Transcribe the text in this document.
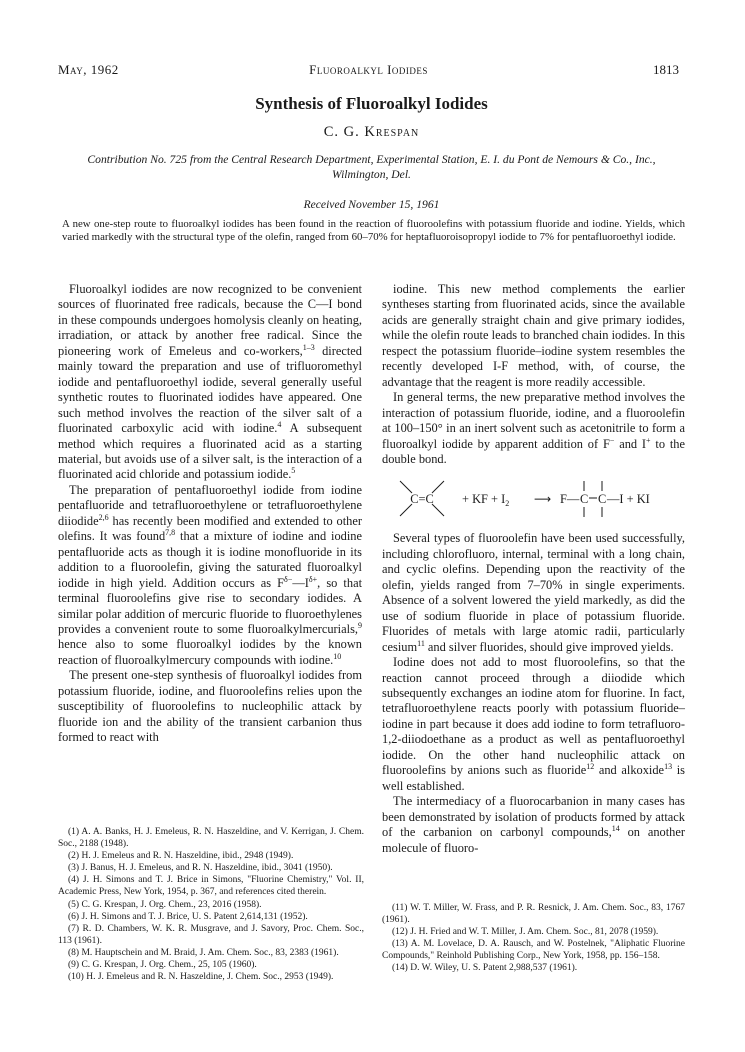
May, 1962	Fluoroalkyl Iodides	1813
Synthesis of Fluoroalkyl Iodides
C. G. Krespan
Contribution No. 725 from the Central Research Department, Experimental Station, E. I. du Pont de Nemours & Co., Inc.,
Wilmington, Del.
Received November 15, 1961
A new one-step route to fluoroalkyl iodides has been found in the reaction of fluoroolefins with potassium fluoride and iodine. Yields, which varied markedly with the structural type of the olefin, ranged from 60–70% for heptafluoroisopropyl iodide to 7% for pentafluoroethyl iodide.

Fluoroalkyl iodides are now recognized to be convenient sources of fluorinated free radicals, because the C—I bond in these compounds undergoes homolysis cleanly on heating, irradiation, or attack by another free radical. Since the pioneering work of Emeleus and co-workers,$^{1-3}$ directed mainly toward the preparation and use of trifluoromethyl iodide and pentafluoroethyl iodide, several generally useful synthetic routes to fluorinated iodides have appeared. One such method involves the reaction of the silver salt of a fluorinated carboxylic acid with iodine.$^4$ A subsequent method which requires a fluorinated acid as a starting material, but avoids use of a silver salt, is the interaction of a fluorinated acid chloride and potassium iodide.$^5$

The preparation of pentafluoroethyl iodide from iodine pentafluoride and tetrafluoroethylene or tetrafluoroethylene diiodide$^{2,6}$ has recently been modified and extended to other olefins. It was found$^{7,8}$ that a mixture of iodine and iodine pentafluoride acts as though it is iodine monofluoride in its addition to a fluoroolefin, giving the saturated fluoroalkyl iodide in high yield. Addition occurs as $F^{\delta-}—I^{\delta+}$, so that terminal fluoroolefins give rise to secondary iodides. A similar polar addition of mercuric fluoride to fluoroethylenes provides a convenient route to some fluoroalkylmercurials,$^9$ hence also to some fluoroalkyl iodides by the known reaction of fluoroalkylmercury compounds with iodine.$^{10}$

The present one-step synthesis of fluoroalkyl iodides from potassium fluoride, iodine, and fluoroolefins relies upon the susceptibility of fluoroolefins to nucleophilic attack by fluoride ion and the ability of the transient carbanion thus formed to react with

iodine. This new method complements the earlier syntheses starting from fluorinated acids, since the available acids are generally straight chain and give primary iodides, while the olefin route leads to branched chain iodides. In this respect the potassium fluoride–iodine system resembles the recently developed I-F method, with, of course, the advantage that the reagent is more readily accessible.

In general terms, the new preparative method involves the interaction of potassium fluoride, iodine, and a fluoroolefin at 100–150° in an inert solvent such as acetonitrile to form a fluoroalkyl iodide by apparent addition of F− and I+ to the double bond.

C=C + KF + $I_2$ ⟶ F— C C —I + KI

Several types of fluoroolefin have been used successfully, including chlorofluoro, internal, terminal with a long chain, and cyclic olefins. Depending upon the reactivity of the olefin, yields ranged from 7–70% in single experiments. Absence of a solvent lowered the yield markedly, as did the use of sodium fluoride in place of potassium fluoride. Fluorides of metals with large atomic radii, particularly cesium$^{11}$ and silver fluorides, should give improved yields.

Iodine does not add to most fluoroolefins, so that the reaction cannot proceed through a diiodide which subsequently exchanges an iodine atom for fluorine. In fact, tetrafluoroethylene reacts poorly with potassium fluoride–iodine in part because it does add iodine to form tetrafluoro-1,2-diiodoethane as a product as well as pentafluoroethyl iodide. On the other hand nucleophilic attack on fluoroolefins by anions such as fluoride$^{12}$ and alkoxide$^{13}$ is well established.

The intermediacy of a fluorocarbanion in many cases has been demonstrated by isolation of products formed by attack of the carbanion on carbonyl compounds,$^{14}$ on another molecule of fluoro-

(1) A. A. Banks, H. J. Emeleus, R. N. Haszeldine, and V. Kerrigan, J. Chem. Soc., 2188 (1948).

(2) H. J. Emeleus and R. N. Haszeldine, ibid., 2948 (1949).

(3) J. Banus, H. J. Emeleus, and R. N. Haszeldine, ibid., 3041 (1950).

(4) J. H. Simons and T. J. Brice in Simons, "Fluorine Chemistry," Vol. II, Academic Press, New York, 1954, p. 367, and references cited therein.

(5) C. G. Krespan, J. Org. Chem., 23, 2016 (1958).

(6) J. H. Simons and T. J. Brice, U. S. Patent 2,614,131 (1952).

(7) R. D. Chambers, W. K. R. Musgrave, and J. Savory, Proc. Chem. Soc., 113 (1961).

(8) M. Hauptschein and M. Braid, J. Am. Chem. Soc., 83, 2383 (1961).

(9) C. G. Krespan, J. Org. Chem., 25, 105 (1960).

(10) H. J. Emeleus and R. N. Haszeldine, J. Chem. Soc., 2953 (1949).

(11) W. T. Miller, W. Frass, and P. R. Resnick, J. Am. Chem. Soc., 83, 1767 (1961).

(12) J. H. Fried and W. T. Miller, J. Am. Chem. Soc., 81, 2078 (1959).

(13) A. M. Lovelace, D. A. Rausch, and W. Postelnek, "Aliphatic Fluorine Compounds," Reinhold Publishing Corp., New York, 1958, pp. 156–158.

(14) D. W. Wiley, U. S. Patent 2,988,537 (1961).
